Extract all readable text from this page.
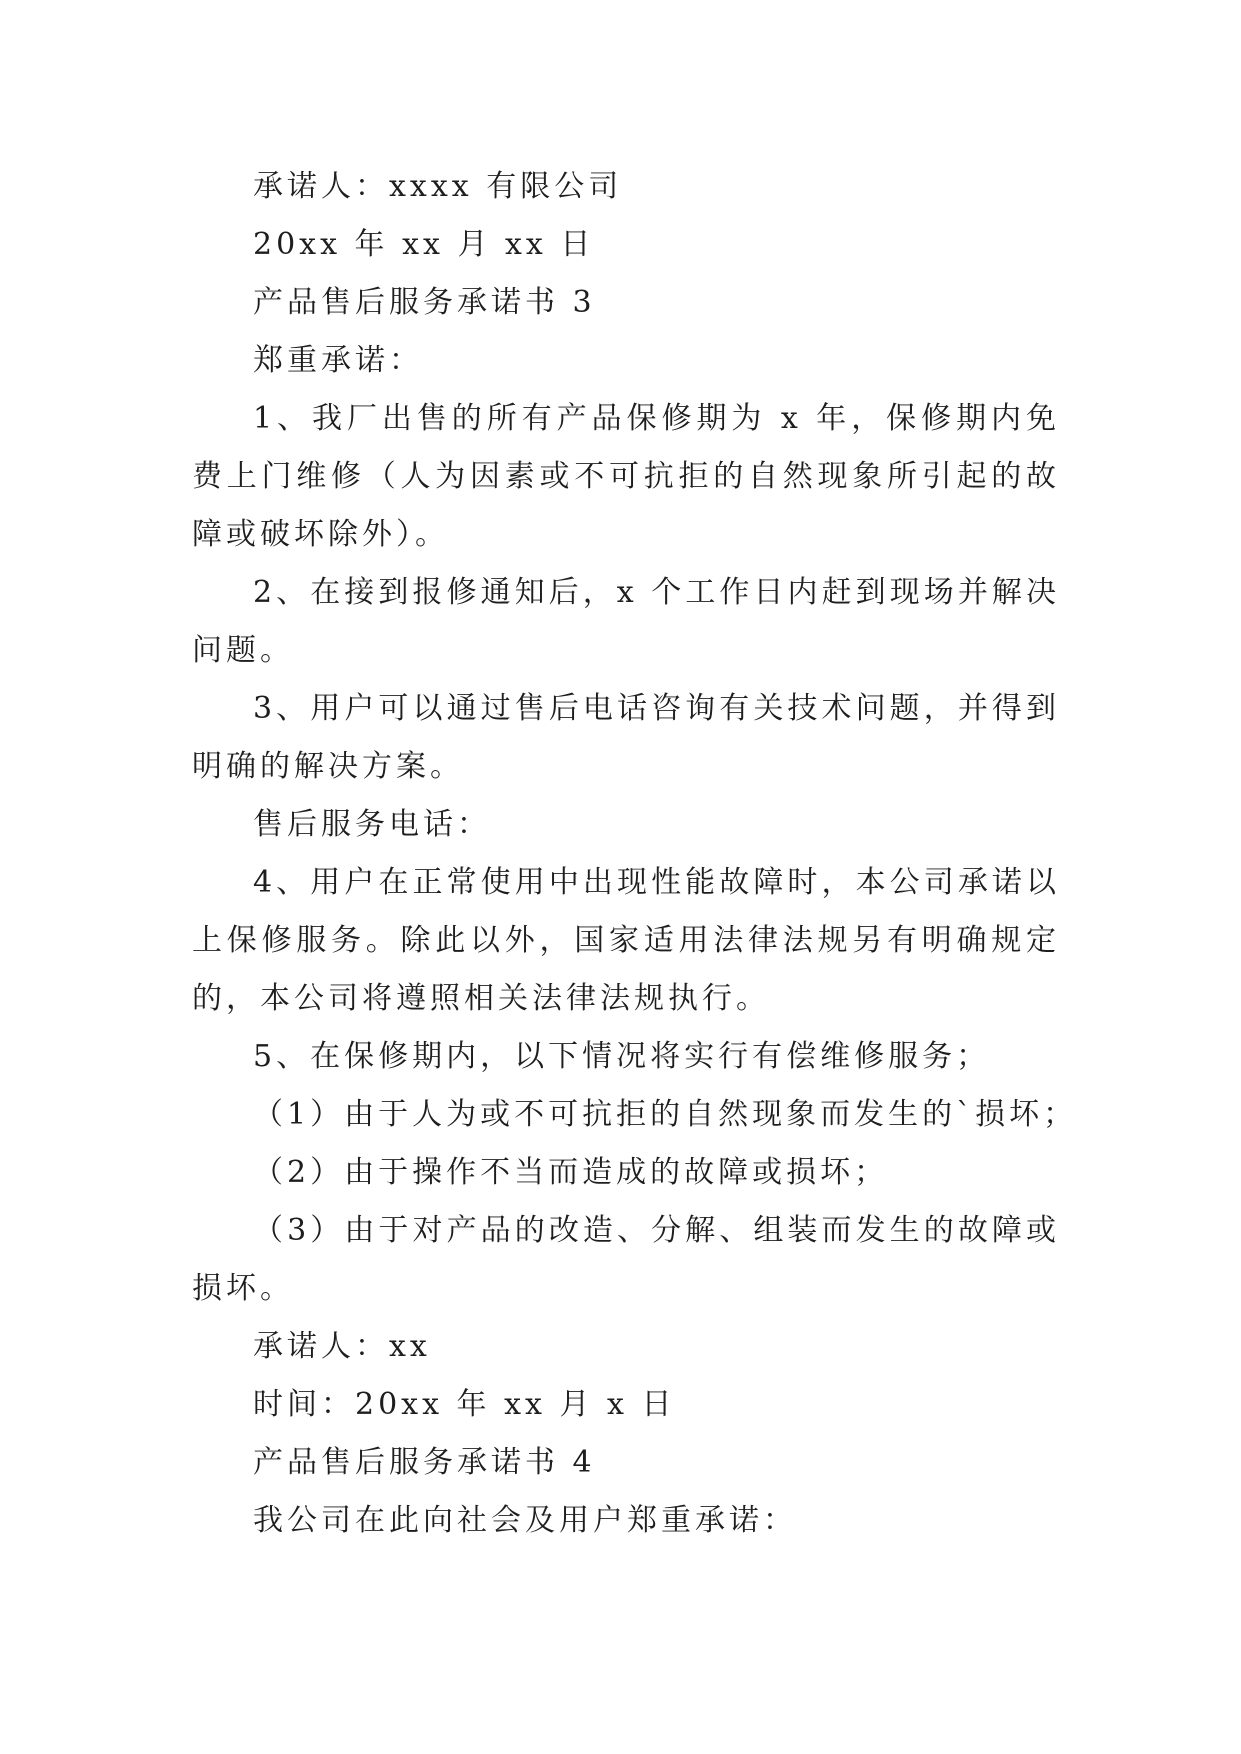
承诺人：xxxx 有限公司

20xx 年 xx 月 xx 日

产品售后服务承诺书 3

郑重承诺：

1、我厂出售的所有产品保修期为 x 年，保修期内免费上门维修（人为因素或不可抗拒的自然现象所引起的故障或破坏除外）。

2、在接到报修通知后，x 个工作日内赶到现场并解决问题。

3、用户可以通过售后电话咨询有关技术问题，并得到明确的解决方案。

售后服务电话：

4、用户在正常使用中出现性能故障时，本公司承诺以上保修服务。除此以外，国家适用法律法规另有明确规定的，本公司将遵照相关法律法规执行。

5、在保修期内，以下情况将实行有偿维修服务；

（1）由于人为或不可抗拒的自然现象而发生的`损坏；

（2）由于操作不当而造成的故障或损坏；

（3）由于对产品的改造、分解、组装而发生的故障或损坏。

承诺人：xx

时间：20xx 年 xx 月 x 日

产品售后服务承诺书 4

我公司在此向社会及用户郑重承诺：
